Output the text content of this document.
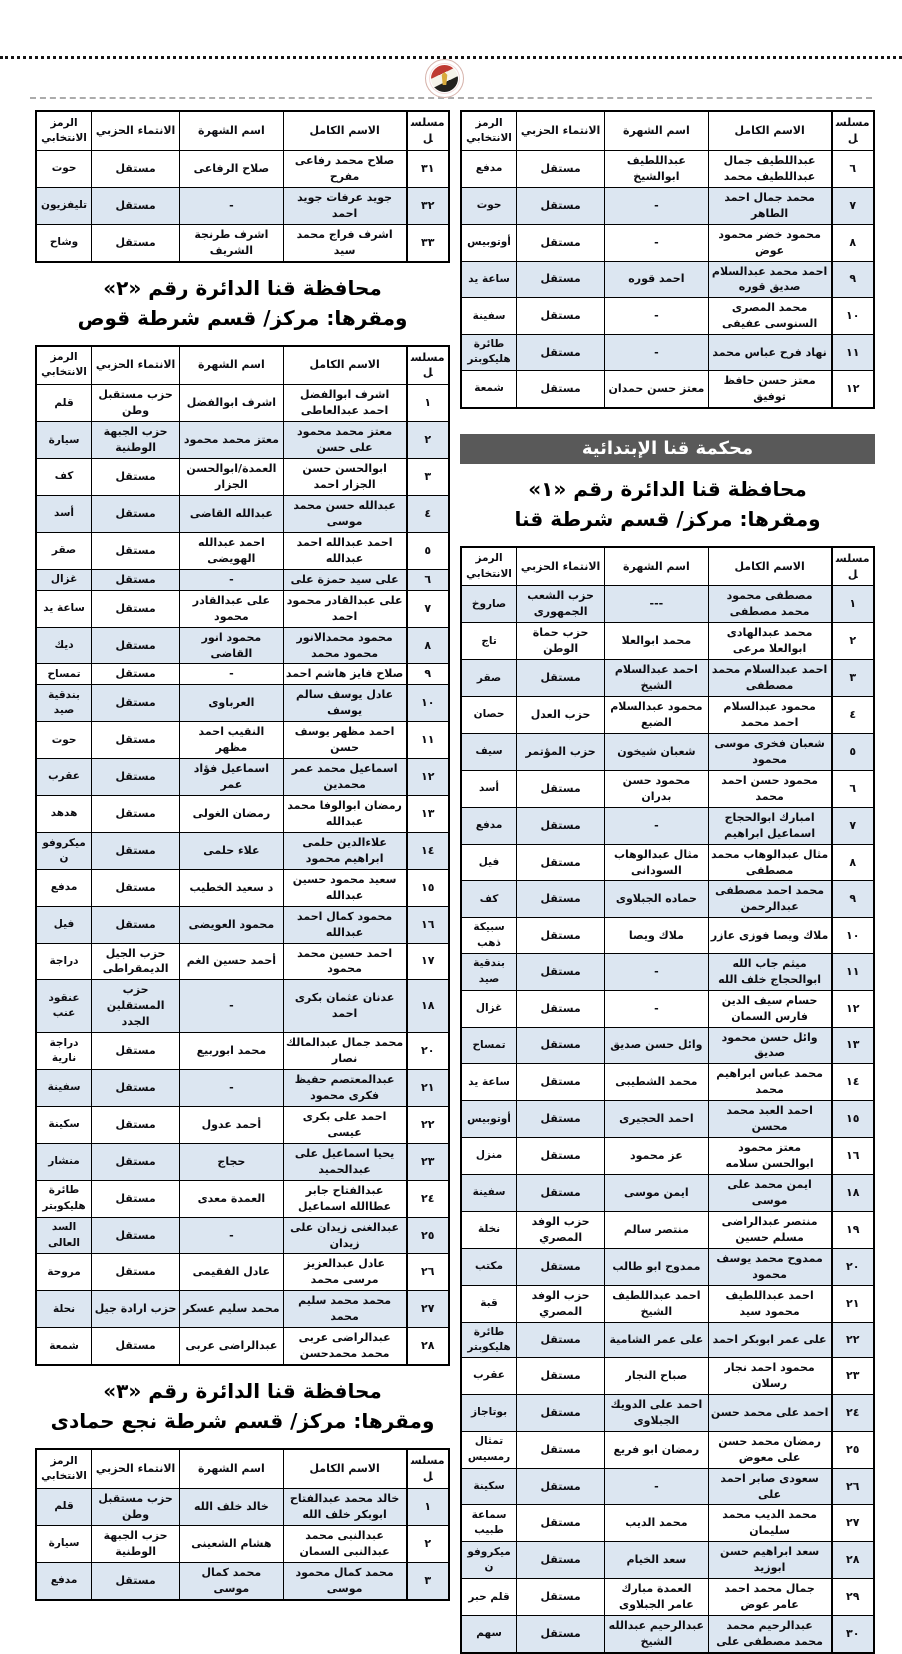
مسلسل	الاسم الكامل	اسم الشهرة	الانتماء الحزبي	الرمز الانتخابي
٦	عبداللطيف جمال عبداللطيف محمد	عبداللطيف ابوالشيخ	مستقل	مدفع
٧	محمد جمال احمد الطاهر	-	مستقل	حوت
٨	محمود خضر محمود عوض	-	مستقل	أوتوبيس
٩	احمد محمد عبدالسلام صديق قوره	احمد قوره	مستقل	ساعة يد
١٠	محمد المصرى السنوسى عفيفى	-	مستقل	سفينة
١١	نهاد فرح عباس محمد	-	مستقل	طائرة هليكوبتر
١٢	معتز حسن حافظ توفيق	معتز حسن حمدان	مستقل	شمعة
محكمة قنا الإبتدائية
محافظة قنا الدائرة رقم «١»
ومقرها: مركز/ قسم شرطة قنا
مسلسل	الاسم الكامل	اسم الشهرة	الانتماء الحزبي	الرمز الانتخابي
١	مصطفى محمود محمد مصطفى	---	حزب الشعب الجمهورى	صاروخ
٢	محمد عبدالهادى ابوالعلا مرعى	محمد ابوالعلا	حزب حماة الوطن	تاج
٣	احمد عبدالسلام محمد مصطفى	احمد عبدالسلام الشيخ	مستقل	صقر
٤	محمود عبدالسلام احمد محمد	محمود عبدالسلام الضبع	حزب العدل	حصان
٥	شعبان فخرى موسى محمود	شعبان شيخون	حزب المؤتمر	سيف
٦	محمود حسن احمد محمد	محمود حسن بدران	مستقل	أسد
٧	امبارك ابوالحجاج اسماعيل ابراهيم	-	مستقل	مدفع
٨	مثال عبدالوهاب محمد مصطفى	مثال عبدالوهاب السودانى	مستقل	فيل
٩	محمد احمد مصطفى عبدالرحمن	حماده الجبلاوى	مستقل	كف
١٠	ملاك ويصا فوزى عازر	ملاك ويصا	مستقل	سبيكة ذهب
١١	ميثم جاب الله ابوالحجاج خلف الله	-	مستقل	بندقية صيد
١٢	حسام سيف الدين فارس السمان	-	مستقل	غزال
١٣	وائل حسن محمود صديق	وائل حسن صديق	مستقل	تمساح
١٤	محمد عباس ابراهيم محمد	محمد الشطيبى	مستقل	ساعة يد
١٥	احمد العبد محمد محسن	احمد الحجيرى	مستقل	أوتوبيس
١٦	معتز محمود ابوالحسن سلامه	عز محمود	مستقل	منزل
١٨	ايمن محمد على موسى	ايمن موسى	مستقل	سفينة
١٩	منتصر عبدالراضى مسلم حسين	منتصر سالم	حزب الوفد المصري	نخلة
٢٠	ممدوح محمد يوسف محمود	ممدوح ابو طالب	مستقل	مكتب
٢١	احمد عبداللطيف محمود سيد	احمد عبداللطيف الشيخ	حزب الوفد المصري	قبة
٢٢	على عمر ابوبكر احمد	على عمر الشامية	مستقل	طائرة هليكوبتر
٢٣	محمود احمد نجار رسلان	صباح النجار	مستقل	عقرب
٢٤	احمد على محمد حسن	احمد على الدويك الجبلاوى	مستقل	بوتاجاز
٢٥	رمضان محمد حسن على معوض	رمضان ابو فريع	مستقل	تمثال رمسيس
٢٦	سعودى صابر احمد على	-	مستقل	سكينة
٢٧	محمد الديب محمد سليمان	محمد الديب	مستقل	سماعة طبيب
٢٨	سعد ابراهيم حسن ابوزيد	سعد الخيام	مستقل	ميكروفون
٢٩	جمال محمد احمد عامر عوض	العمدة مبارك عامر الجبلاوى	مستقل	قلم حبر
٣٠	عبدالرحيم محمد محمد مصطفى على	عبدالرحيم عبدالله الشيخ	مستقل	سهم
مسلسل	الاسم الكامل	اسم الشهرة	الانتماء الحزبي	الرمز الانتخابي
٣١	صلاح محمد رفاعى مفرح	صلاح الرفاعى	مستقل	حوت
٣٢	جويد عرفات جويد احمد	-	مستقل	تليفزيون
٣٣	اشرف فراج محمد سيد	اشرف طرنجة الشريف	مستقل	وشاح
محافظة قنا الدائرة رقم «٢»
ومقرها: مركز/ قسم شرطة قوص
مسلسل	الاسم الكامل	اسم الشهرة	الانتماء الحزبي	الرمز الانتخابي
١	اشرف ابوالفضل احمد عبدالعاطى	اشرف ابوالفضل	حزب مستقبل وطن	قلم
٢	معتز محمد محمود على حسن	معتز محمد محمود	حزب الجبهة الوطنية	سيارة
٣	ابوالحسن حسن الجزار احمد	العمدة/ابوالحسن الجزار	مستقل	كف
٤	عبدالله حسن محمد موسى	عبدالله القاضى	مستقل	أسد
٥	احمد عبدالله احمد عبدالله	احمد عبدالله الهويضى	مستقل	صقر
٦	على سيد حمزة على	-	مستقل	غزال
٧	على عبدالقادر محمود احمد	على عبدالقادر محمود	مستقل	ساعة يد
٨	محمود محمدالانور محمود محمد	محمود انور القاضى	مستقل	ديك
٩	صلاح فايز هاشم احمد	-	مستقل	تمساح
١٠	عادل يوسف سالم يوسف	العرباوى	مستقل	بندقية صيد
١١	احمد مظهر يوسف حسن	النقيب احمد مظهر	مستقل	حوت
١٢	اسماعيل محمد عمر محمدين	اسماعيل فؤاد عمر	مستقل	عقرب
١٣	رمضان ابوالوفا محمد عبدالله	رمضان الغولى	مستقل	هدهد
١٤	علاءالدين حلمى ابراهيم محمود	علاء حلمى	مستقل	ميكروفون
١٥	سعيد محمود حسين عبدالله	د سعيد الخطيب	مستقل	مدفع
١٦	محمود كمال احمد عبدالله	محمود العويضى	مستقل	فيل
١٧	احمد حسين محمد محمود	أحمد حسين الغم	حزب الجيل الديمقراطى	دراجة
١٨	عدنان عثمان بكرى احمد	-	حزب المستقلين الجدد	عنقود عنب
٢٠	محمد جمال عبدالمالك نصار	محمد ابوربيع	مستقل	دراجة نارية
٢١	عبدالمعتصم حفيظ فكرى محمود	-	مستقل	سفينة
٢٢	احمد على بكرى عيسى	أحمد عدول	مستقل	سكينة
٢٣	يحيا اسماعيل على عبدالحميد	حجاج	مستقل	منشار
٢٤	عبدالفتاح جابر عطاالله اسماعيل	العمدة معدى	مستقل	طائرة هليكوبتر
٢٥	عبدالغنى زيدان على زيدان	-	مستقل	السد العالى
٢٦	عادل عبدالعزيز مرسى محمد	عادل الفقيمى	مستقل	مروحة
٢٧	محمد محمد سليم محمد	محمد سليم عسكر	حزب ارادة جيل	نحلة
٢٨	عبدالراضى عربى محمد محمدحسن	عبدالراضى عربى	مستقل	شمعة
محافظة قنا الدائرة رقم «٣»
ومقرها: مركز/ قسم شرطة نجع حمادى
مسلسل	الاسم الكامل	اسم الشهرة	الانتماء الحزبي	الرمز الانتخابي
١	خالد محمد عبدالفتاح ابوبكر خلف الله	خالد خلف الله	حزب مستقبل وطن	قلم
٢	عبدالنبى محمد عبدالنبى السمان	هشام الشعينى	حزب الجبهة الوطنية	سيارة
٣	محمد كمال محمود موسى	محمد كمال موسى	مستقل	مدفع
